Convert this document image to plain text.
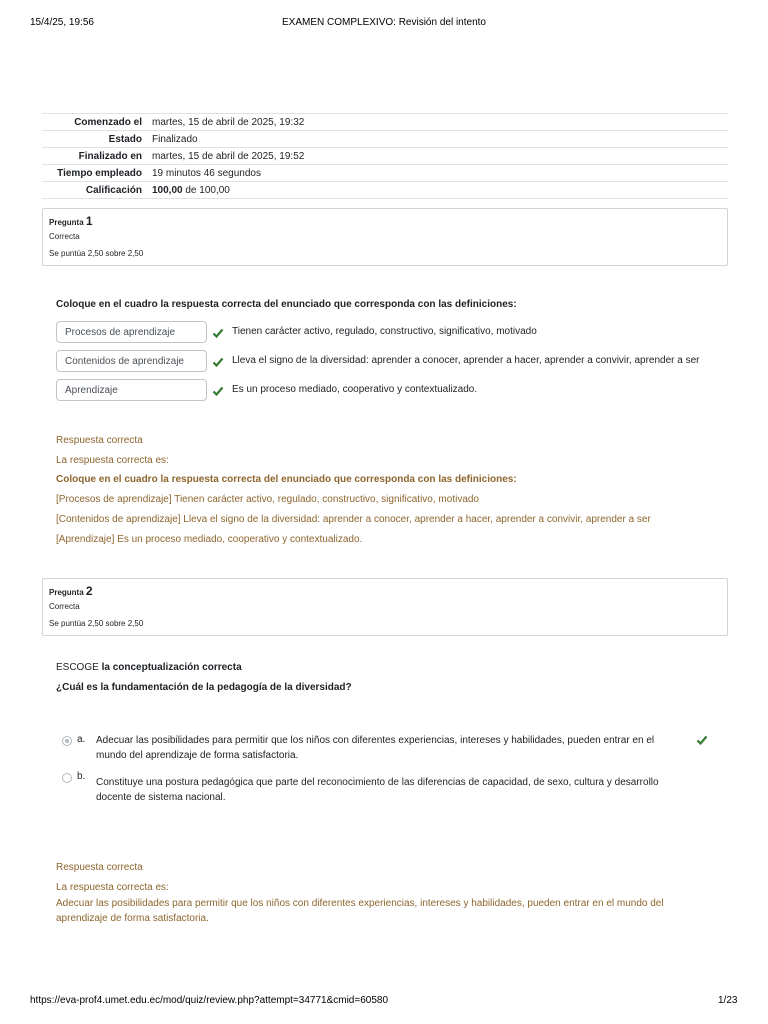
15/4/25, 19:56	EXAMEN COMPLEXIVO: Revisión del intento
Comenzado el	martes, 15 de abril de 2025, 19:32
Estado	Finalizado
Finalizado en	martes, 15 de abril de 2025, 19:52
Tiempo empleado	19 minutos 46 segundos
Calificación	100,00 de 100,00
Pregunta 1
Correcta
Se puntúa 2,50 sobre 2,50
Coloque en el cuadro la respuesta correcta del enunciado que corresponda con las definiciones:
Procesos de aprendizaje	Tienen carácter activo, regulado, constructivo, significativo, motivado
Contenidos de aprendizaje	Lleva el signo de la diversidad: aprender a conocer, aprender a hacer, aprender a convivir, aprender a ser
Aprendizaje	Es un proceso mediado, cooperativo y contextualizado.
Respuesta correcta
La respuesta correcta es:
Coloque en el cuadro la respuesta correcta del enunciado que corresponda con las definiciones:
[Procesos de aprendizaje] Tienen carácter activo, regulado, constructivo, significativo, motivado
[Contenidos de aprendizaje] Lleva el signo de la diversidad: aprender a conocer, aprender a hacer, aprender a convivir, aprender a ser
[Aprendizaje] Es un proceso mediado, cooperativo y contextualizado.
Pregunta 2
Correcta
Se puntúa 2,50 sobre 2,50
ESCOGE la conceptualización correcta
¿Cuál es la fundamentación de la pedagogía de la diversidad?
a. Adecuar las posibilidades para permitir que los niños con diferentes experiencias, intereses y habilidades, pueden entrar en el mundo del aprendizaje de forma satisfactoria.
b.
Constituye una postura pedagógica que parte del reconocimiento de las diferencias de capacidad, de sexo, cultura y desarrollo docente de sistema nacional.
Respuesta correcta
La respuesta correcta es:
Adecuar las posibilidades para permitir que los niños con diferentes experiencias, intereses y habilidades, pueden entrar en el mundo del aprendizaje de forma satisfactoria.
https://eva-prof4.umet.edu.ec/mod/quiz/review.php?attempt=34771&cmid=60580	1/23
